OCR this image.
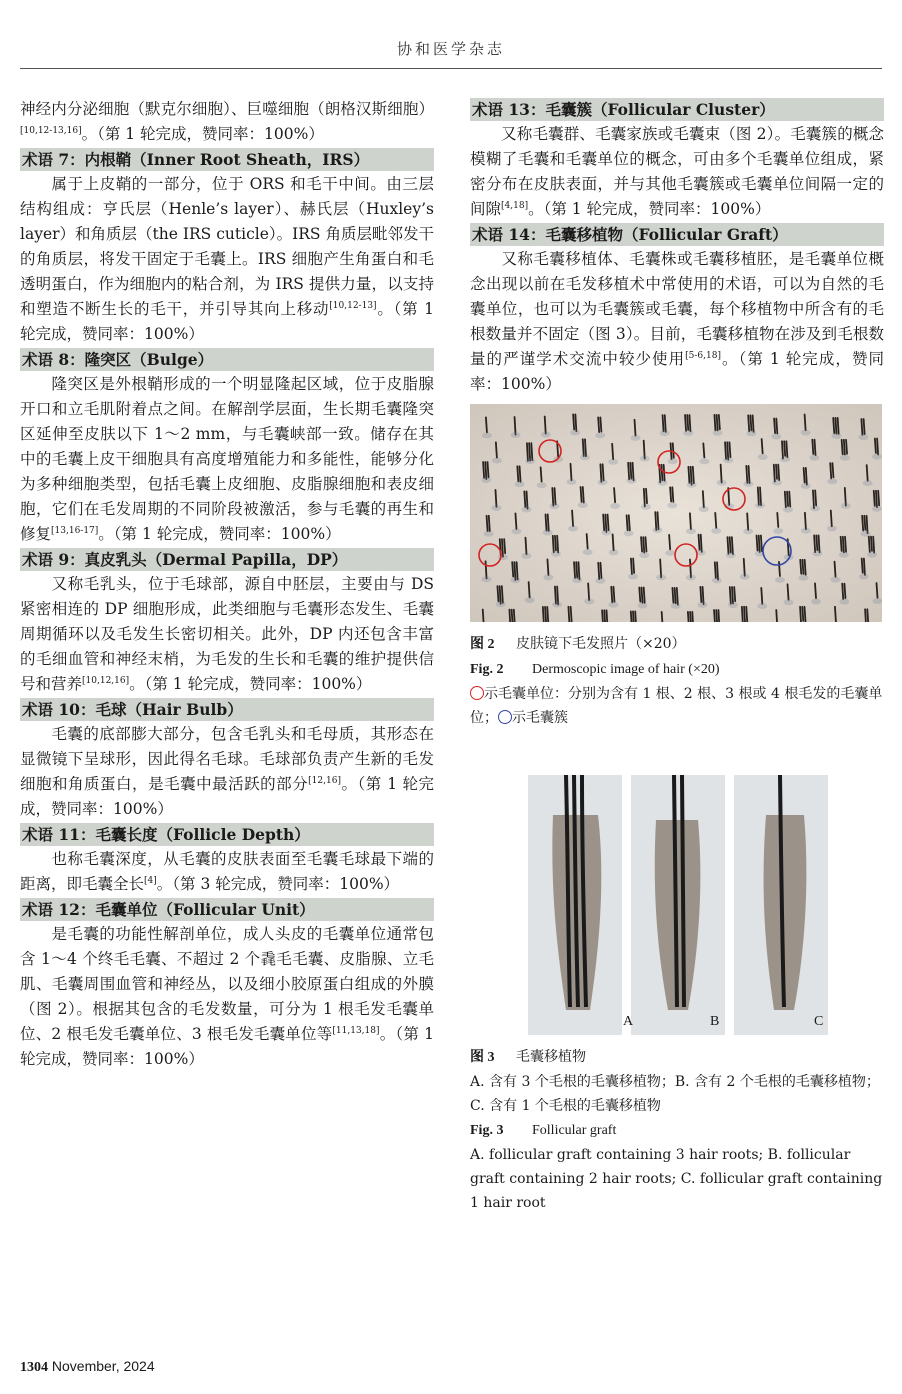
协和医学杂志

神经内分泌细胞（默克尔细胞）、巨噬细胞（朗格汉斯细胞）[10,12-13,16]。（第 1 轮完成，赞同率：100%）

术语 7：内根鞘（Inner Root Sheath，IRS）

属于上皮鞘的一部分，位于 ORS 和毛干中间。由三层结构组成：亨氏层（Henle’s layer）、赫氏层（Huxley’s layer）和角质层（the IRS cuticle）。IRS 角质层毗邻发干的角质层，将发干固定于毛囊上。IRS 细胞产生角蛋白和毛透明蛋白，作为细胞内的粘合剂，为 IRS 提供力量，以支持和塑造不断生长的毛干，并引导其向上移动[10,12-13]。（第 1 轮完成，赞同率：100%）

术语 8：隆突区（Bulge）

隆突区是外根鞘形成的一个明显隆起区域，位于皮脂腺开口和立毛肌附着点之间。在解剖学层面，生长期毛囊隆突区延伸至皮肤以下 1～2 mm，与毛囊峡部一致。储存在其中的毛囊上皮干细胞具有高度增殖能力和多能性，能够分化为多种细胞类型，包括毛囊上皮细胞、皮脂腺细胞和表皮细胞，它们在毛发周期的不同阶段被激活，参与毛囊的再生和修复[13,16-17]。（第 1 轮完成，赞同率：100%）

术语 9：真皮乳头（Dermal Papilla，DP）

又称毛乳头，位于毛球部，源自中胚层，主要由与 DS 紧密相连的 DP 细胞形成，此类细胞与毛囊形态发生、毛囊周期循环以及毛发生长密切相关。此外，DP 内还包含丰富的毛细血管和神经末梢，为毛发的生长和毛囊的维护提供信号和营养[10,12,16]。（第 1 轮完成，赞同率：100%）

术语 10：毛球（Hair Bulb）

毛囊的底部膨大部分，包含毛乳头和毛母质，其形态在显微镜下呈球形，因此得名毛球。毛球部负责产生新的毛发细胞和角质蛋白，是毛囊中最活跃的部分[12,16]。（第 1 轮完成，赞同率：100%）

术语 11：毛囊长度（Follicle Depth）

也称毛囊深度，从毛囊的皮肤表面至毛囊毛球最下端的距离，即毛囊全长[4]。（第 3 轮完成，赞同率：100%）

术语 12：毛囊单位（Follicular Unit）

是毛囊的功能性解剖单位，成人头皮的毛囊单位通常包含 1～4 个终毛毛囊、不超过 2 个毳毛毛囊、皮脂腺、立毛肌、毛囊周围血管和神经丛，以及细小胶原蛋白组成的外膜（图 2）。根据其包含的毛发数量，可分为 1 根毛发毛囊单位、2 根毛发毛囊单位、3 根毛发毛囊单位等[11,13,18]。（第 1 轮完成，赞同率：100%）

术语 13：毛囊簇（Follicular Cluster）

又称毛囊群、毛囊家族或毛囊束（图 2）。毛囊簇的概念模糊了毛囊和毛囊单位的概念，可由多个毛囊单位组成，紧密分布在皮肤表面，并与其他毛囊簇或毛囊单位间隔一定的间隙[4,18]。（第 1 轮完成，赞同率：100%）

术语 14：毛囊移植物（Follicular Graft）

又称毛囊移植体、毛囊株或毛囊移植胚，是毛囊单位概念出现以前在毛发移植术中常使用的术语，可以为自然的毛囊单位，也可以为毛囊簇或毛囊，每个移植物中所含有的毛根数量并不固定（图 3）。目前，毛囊移植物在涉及到毛根数量的严谨学术交流中较少使用[5-6,18]。（第 1 轮完成，赞同率：100%）

图 2 皮肤镜下毛发照片（×20）
Fig. 2 Dermoscopic image of hair (×20)
示毛囊单位：分别为含有 1 根、2 根、3 根或 4 根毛发的毛囊单位； 示毛囊簇
A	B	C
图 3 毛囊移植物
A. 含有 3 个毛根的毛囊移植物；B. 含有 2 个毛根的毛囊移植物；C. 含有 1 个毛根的毛囊移植物
Fig. 3 Follicular graft
A. follicular graft containing 3 hair roots; B. follicular graft containing 2 hair roots; C. follicular graft containing 1 hair root
1304 November, 2024
